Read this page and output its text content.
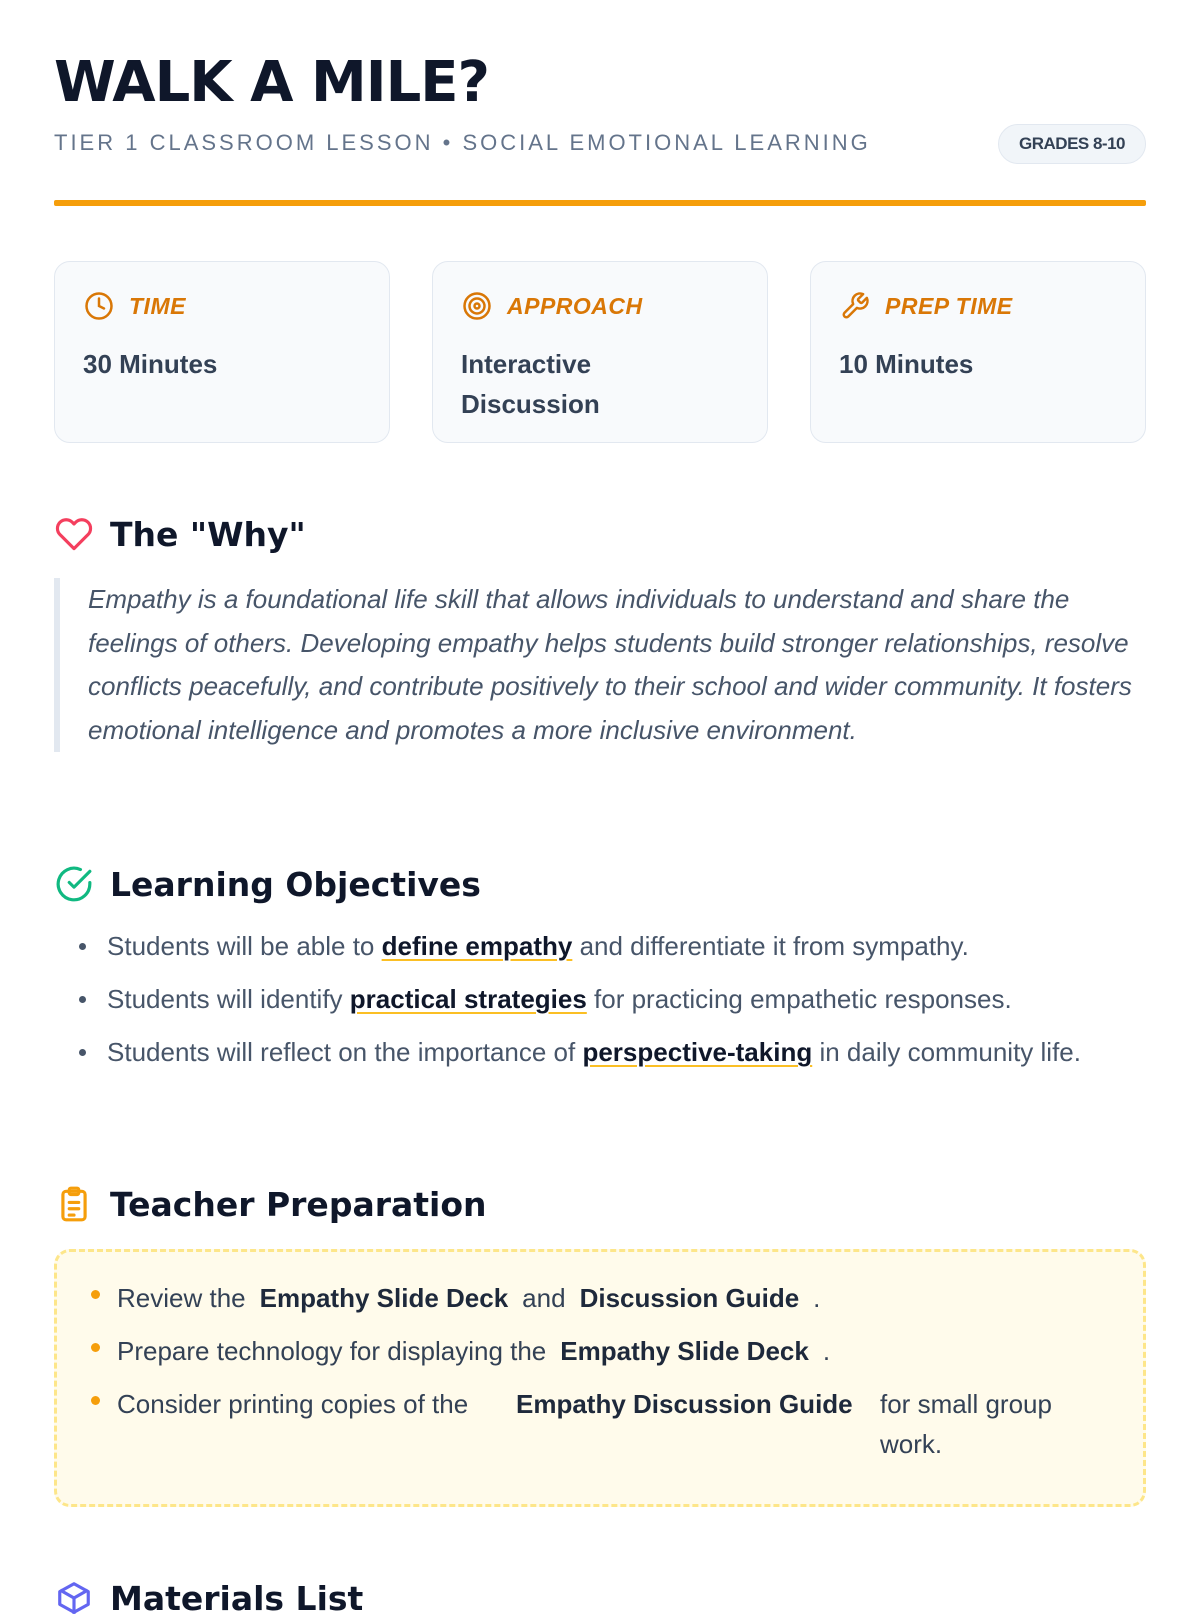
WALK A MILE?

TIER 1 CLASSROOM LESSON • SOCIAL EMOTIONAL LEARNING	GRADES 8-10
TIME
30 Minutes
APPROACH
Interactive Discussion
PREP TIME
10 Minutes
The "Why"
Empathy is a foundational life skill that allows individuals to understand and share the feelings of others. Developing empathy helps students build stronger relationships, resolve conflicts peacefully, and contribute positively to their school and wider community. It fosters emotional intelligence and promotes a more inclusive environment.
Learning Objectives
Students will be able to define empathy and differentiate it from sympathy.
Students will identify practical strategies for practicing empathetic responses.
Students will reflect on the importance of perspective-taking in daily community life.
Teacher Preparation
Review the Empathy Slide Deck and Discussion Guide .
Prepare technology for displaying the Empathy Slide Deck .
Consider printing copies of the	Empathy Discussion Guide	for small group work.
Materials List
